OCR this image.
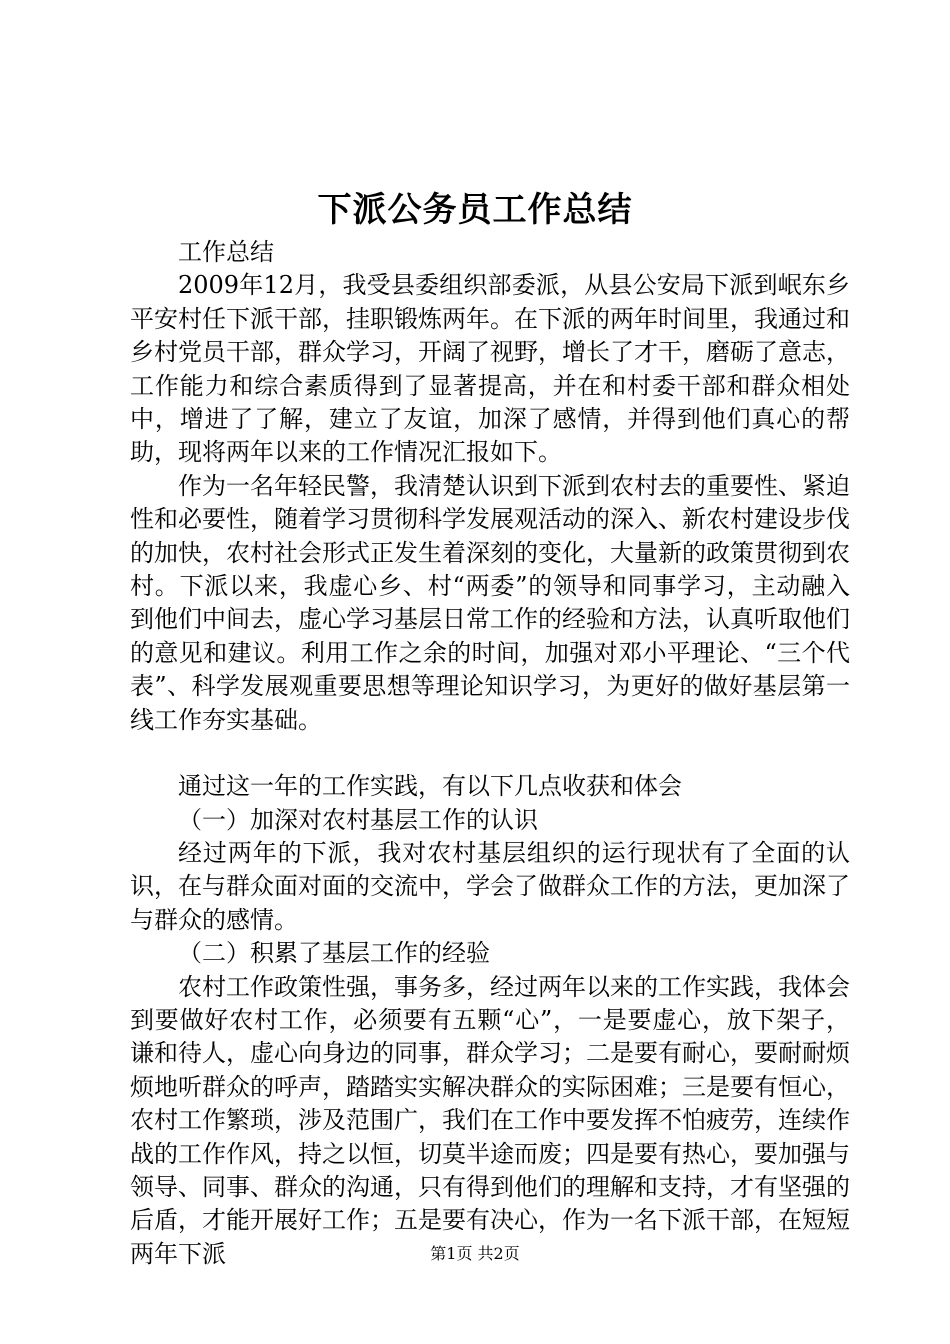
下派公务员工作总结

工作总结

2009年12月，我受县委组织部委派，从县公安局下派到岷东乡平安村任下派干部，挂职锻炼两年。在下派的两年时间里，我通过和乡村党员干部，群众学习，开阔了视野，增长了才干，磨砺了意志，工作能力和综合素质得到了显著提高，并在和村委干部和群众相处中，增进了了解，建立了友谊，加深了感情，并得到他们真心的帮助，现将两年以来的工作情况汇报如下。

作为一名年轻民警，我清楚认识到下派到农村去的重要性、紧迫性和必要性，随着学习贯彻科学发展观活动的深入、新农村建设步伐的加快，农村社会形式正发生着深刻的变化，大量新的政策贯彻到农村。下派以来，我虚心乡、村“两委”的领导和同事学习，主动融入到他们中间去，虚心学习基层日常工作的经验和方法，认真听取他们的意见和建议。利用工作之余的时间，加强对邓小平理论、“三个代表”、科学发展观重要思想等理论知识学习，为更好的做好基层第一线工作夯实基础。

通过这一年的工作实践，有以下几点收获和体会

（一）加深对农村基层工作的认识

经过两年的下派，我对农村基层组织的运行现状有了全面的认识，在与群众面对面的交流中，学会了做群众工作的方法，更加深了与群众的感情。

（二）积累了基层工作的经验

农村工作政策性强，事务多，经过两年以来的工作实践，我体会到要做好农村工作，必须要有五颗“心”，一是要虚心，放下架子，谦和待人，虚心向身边的同事，群众学习；二是要有耐心，要耐耐烦烦地听群众的呼声，踏踏实实解决群众的实际困难；三是要有恒心，农村工作繁琐，涉及范围广，我们在工作中要发挥不怕疲劳，连续作战的工作作风，持之以恒，切莫半途而废；四是要有热心，要加强与领导、同事、群众的沟通，只有得到他们的理解和支持，才有坚强的后盾，才能开展好工作；五是要有决心，作为一名下派干部，在短短两年下派	第1页 共2页
